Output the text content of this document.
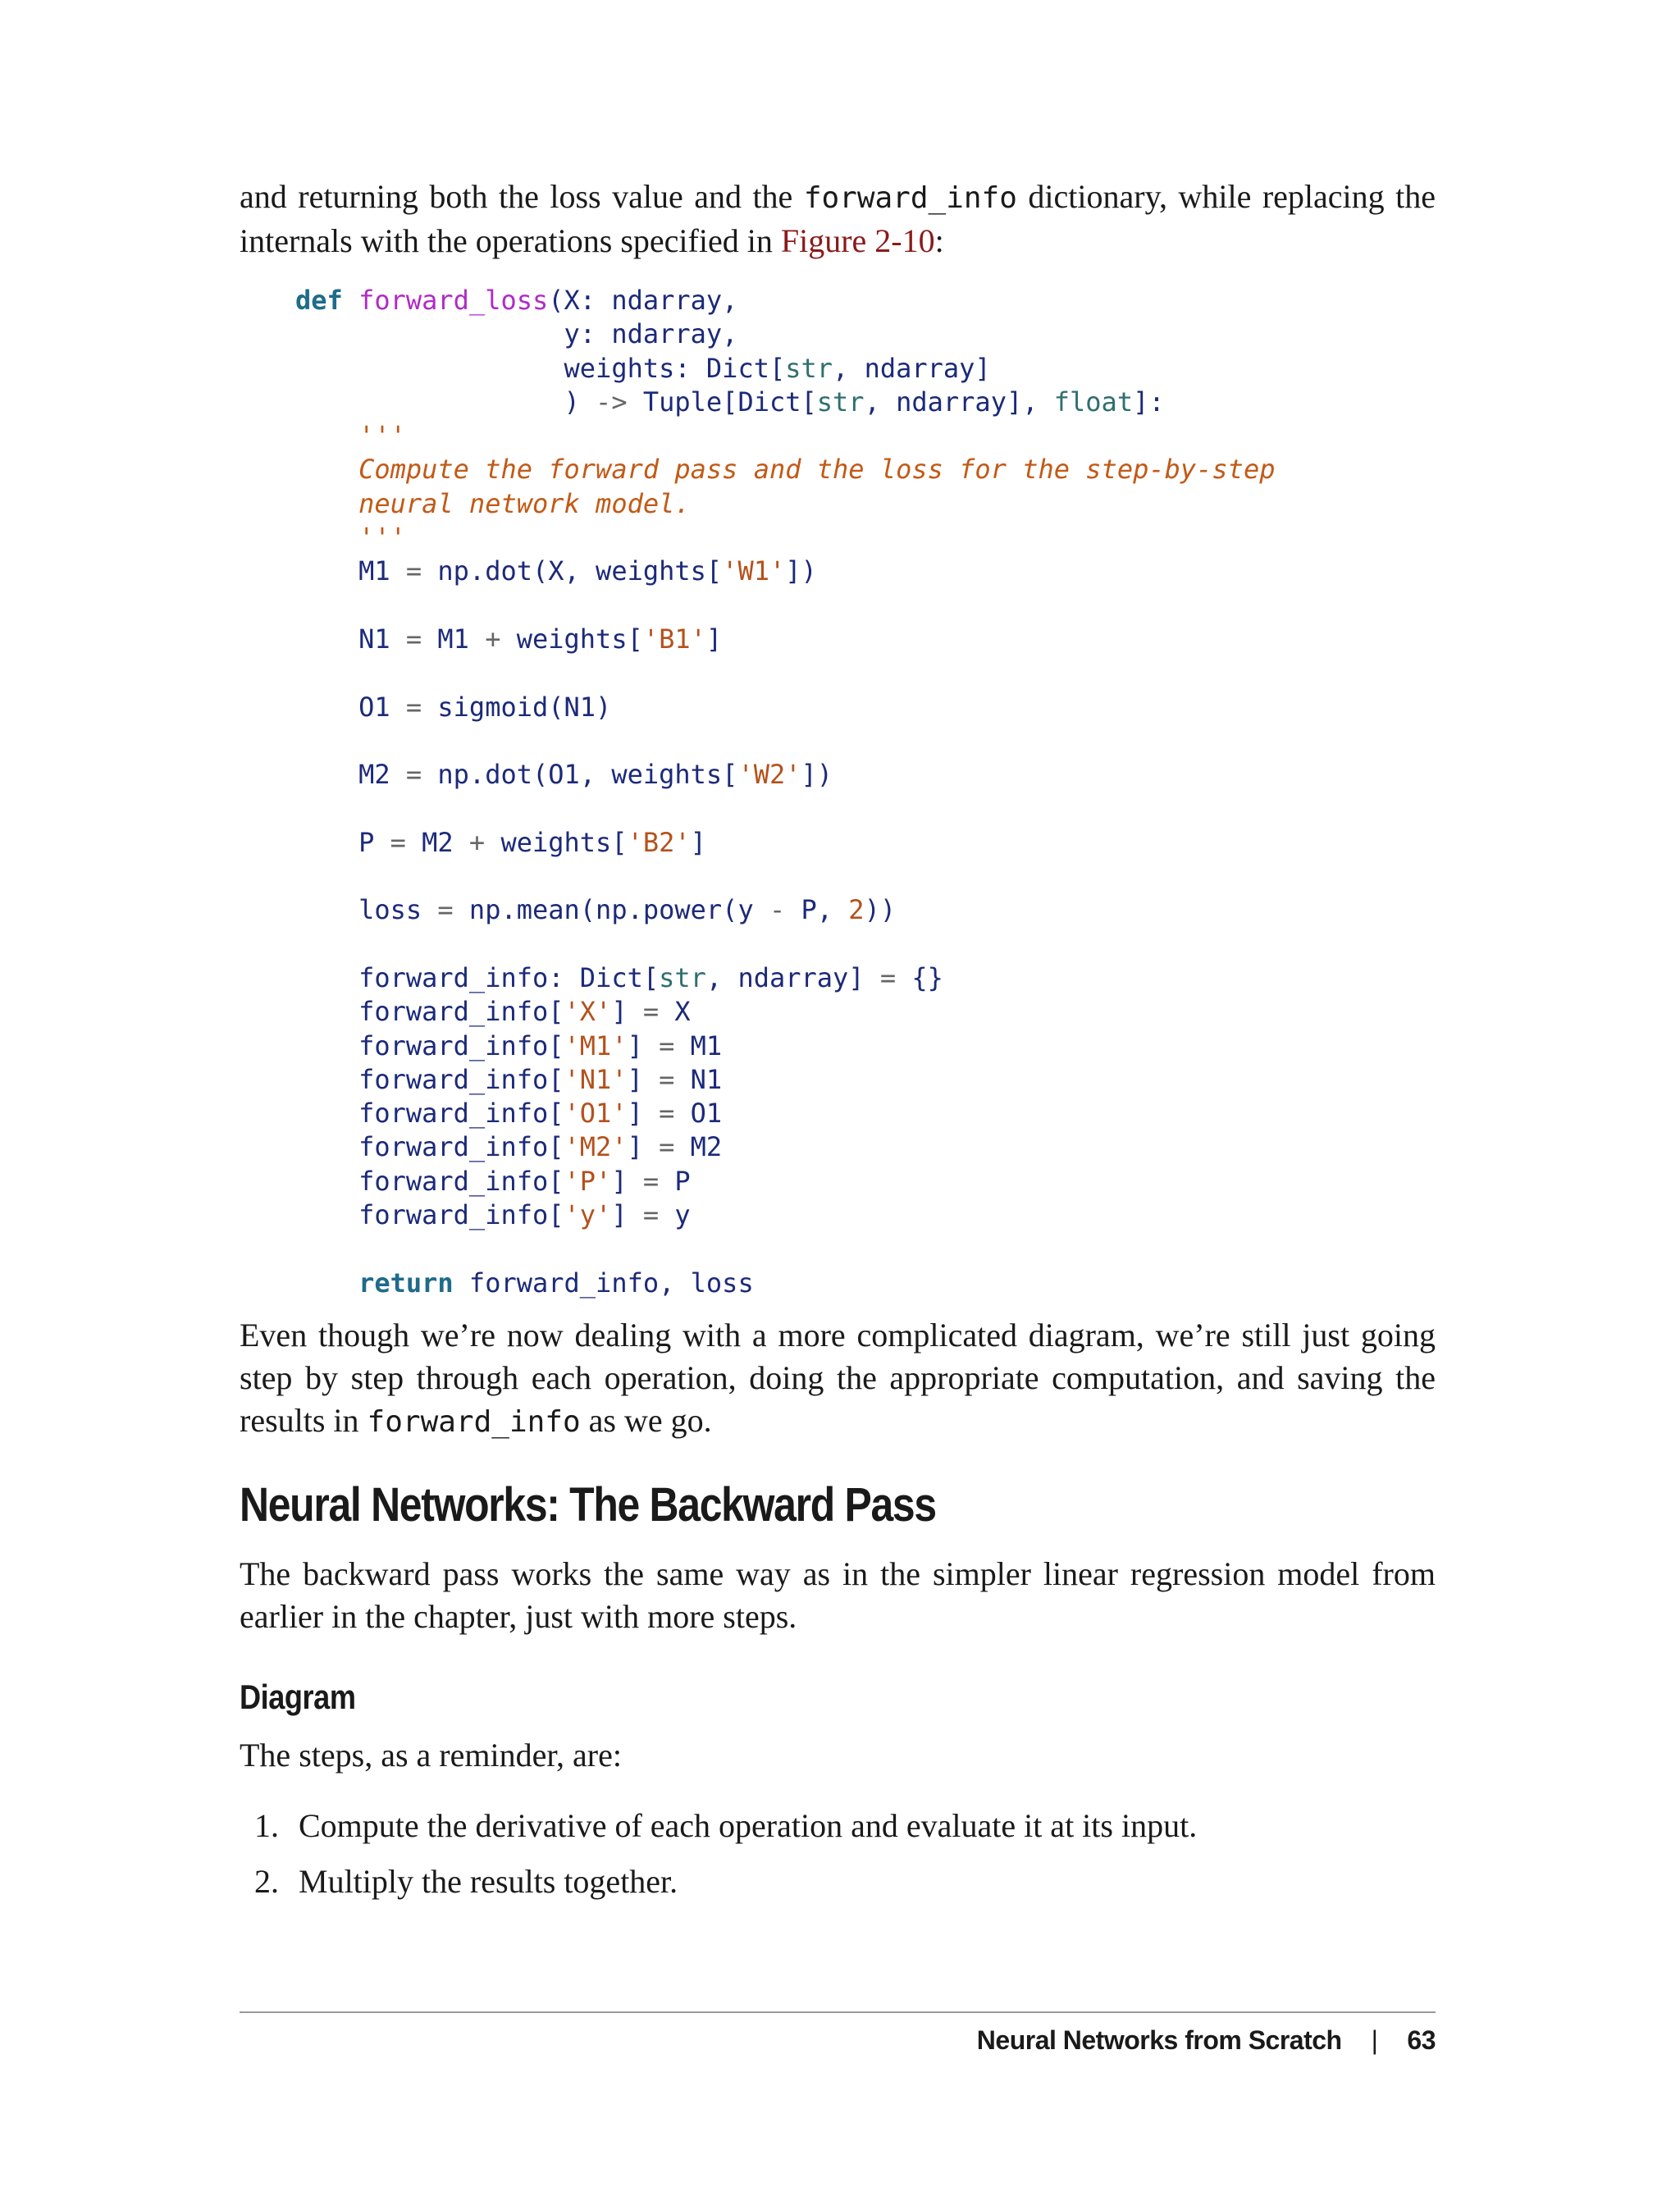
and returning both the loss value and the forward_info dictionary, while replacing the internals with the operations specified in Figure 2-10:

def forward_loss(X: ndarray,
y: ndarray,
weights: Dict[str, ndarray]
) -> Tuple[Dict[str, ndarray], float]:
'''
Compute the forward pass and the loss for the step-by-step
neural network model.
'''
M1 = np.dot(X, weights['W1'])
N1 = M1 + weights['B1']
O1 = sigmoid(N1)
M2 = np.dot(O1, weights['W2'])
P = M2 + weights['B2']
loss = np.mean(np.power(y - P, 2))
forward_info: Dict[str, ndarray] = {}
forward_info['X'] = X
forward_info['M1'] = M1
forward_info['N1'] = N1
forward_info['O1'] = O1
forward_info['M2'] = M2
forward_info['P'] = P
forward_info['y'] = y
return forward_info, loss

Even though we’re now dealing with a more complicated diagram, we’re still just going step by step through each operation, doing the appropriate computation, and saving the results in forward_info as we go.

Neural Networks: The Backward Pass

The backward pass works the same way as in the simpler linear regression model from earlier in the chapter, just with more steps.

Diagram

The steps, as a reminder, are:

1. Compute the derivative of each operation and evaluate it at its input.
2. Multiply the results together.
Neural Networks from Scratch | 63
